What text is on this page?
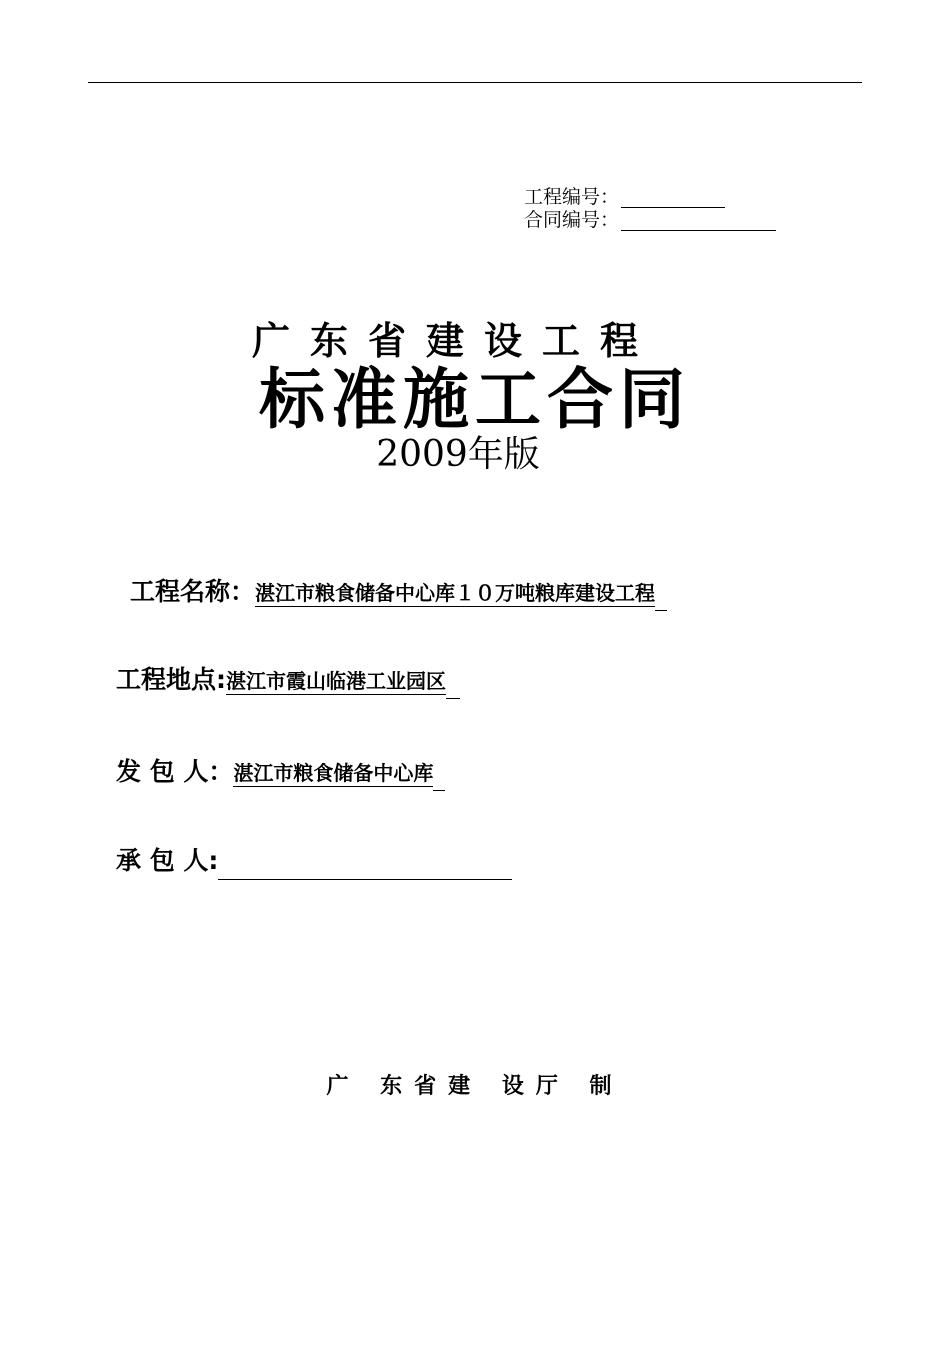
工程编号：
合同编号：
广东省建设工程
标准施工合同
2009年版
工程名称：湛江市粮食储备中心库１０万吨粮库建设工程
工程地点:湛江市霞山临港工业园区
发 包 人：湛江市粮食储备中心库
承 包 人:
广 东省建 设厅 制
